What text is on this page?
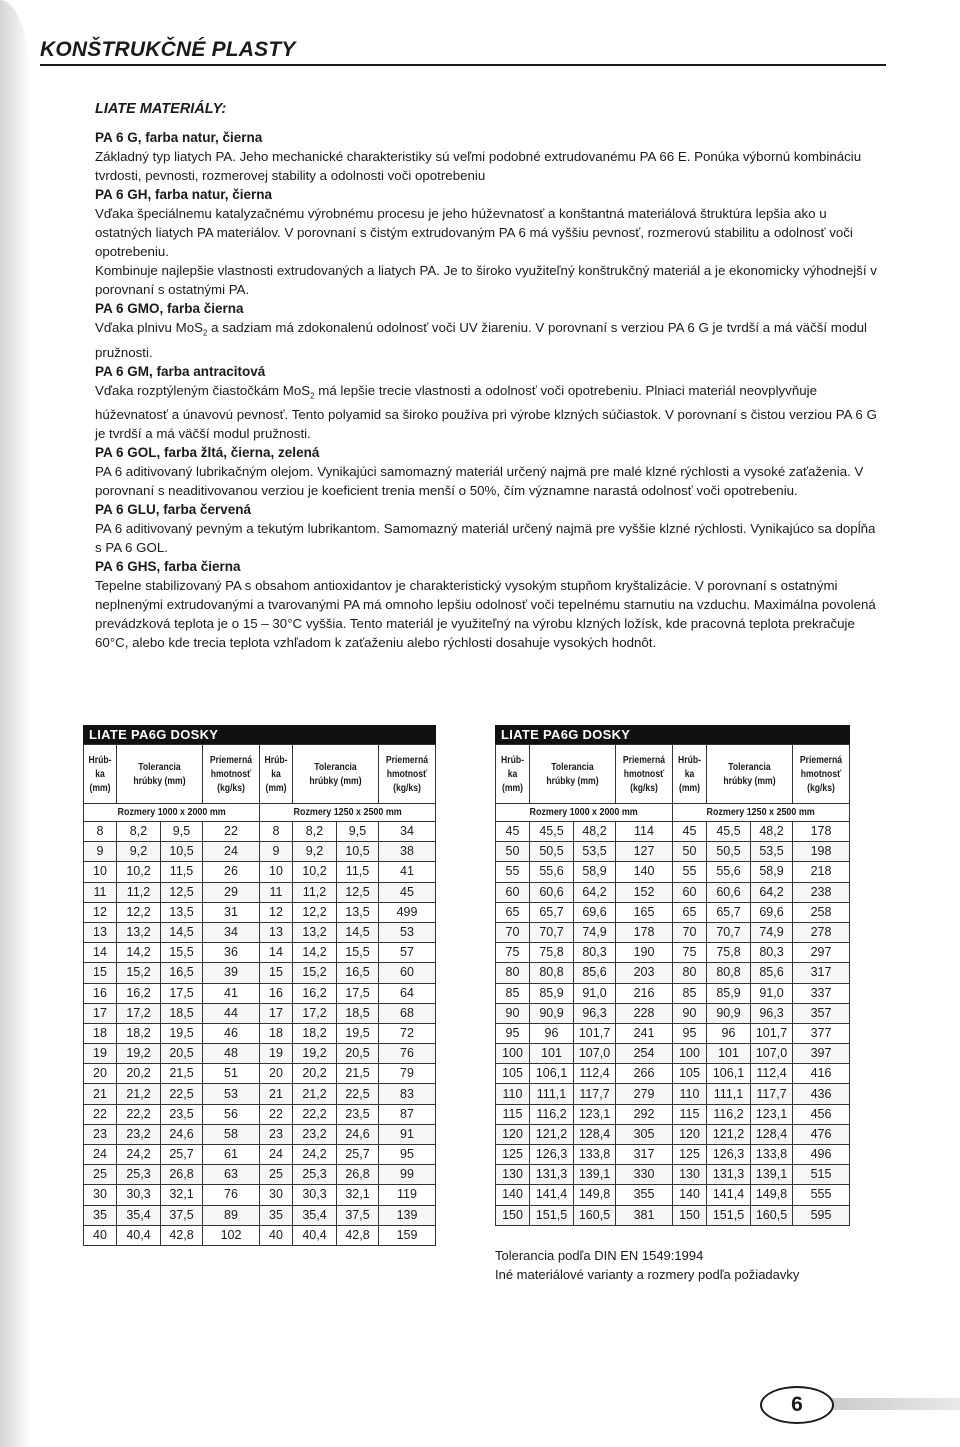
KONŠTRUKČNÉ PLASTY
LIATE MATERIÁLY:
PA 6 G, farba natur, čierna

Základný typ liatych PA. Jeho mechanické charakteristiky sú veľmi podobné extrudovanému PA 66 E. Ponúka výbornú kombináciu tvrdosti, pevnosti, rozmerovej stability a odolnosti voči opotrebeniu

PA 6 GH, farba natur, čierna

Vďaka špeciálnemu katalyzačnému výrobnému procesu je jeho húževnatosť a konštantná materiálová štruktúra lepšia ako u ostatných liatych PA materiálov. V porovnaní s čistým extrudovaným PA 6 má vyššiu pevnosť, rozmerovú stabilitu a odolnosť voči opotrebeniu.

Kombinuje najlepšie vlastnosti extrudovaných a liatych PA. Je to široko využiteľný konštrukčný materiál a je ekonomicky výhodnejší v porovnaní s ostatnými PA.

PA 6 GMO, farba čierna

Vďaka plnivu MoS$_2$ a sadziam má zdokonalenú odolnosť voči UV žiareniu. V porovnaní s verziou PA 6 G je tvrdší a má väčší modul pružnosti.

PA 6 GM, farba antracitová

Vďaka rozptýleným čiastočkám MoS$_2$ má lepšie trecie vlastnosti a odolnosť voči opotrebeniu. Plniaci materiál neovplyvňuje húževnatosť a únavovú pevnosť. Tento polyamid sa široko používa pri výrobe klzných súčiastok. V porovnaní s čistou verziou PA 6 G je tvrdší a má väčší modul pružnosti.

PA 6 GOL, farba žltá, čierna, zelená

PA 6 aditivovaný lubrikačným olejom. Vynikajúci samomazný materiál určený najmä pre malé klzné rýchlosti a vysoké zaťaženia. V porovnaní s neaditivovanou verziou je koeficient trenia menší o 50%, čím významne narastá odolnosť voči opotrebeniu.

PA 6 GLU, farba červená

PA 6 aditivovaný pevným a tekutým lubrikantom. Samomazný materiál určený najmä pre vyššie klzné rýchlosti. Vynikajúco sa dopĺňa s PA 6 GOL.

PA 6 GHS, farba čierna

Tepelne stabilizovaný PA s obsahom antioxidantov je charakteristický vysokým stupňom kryštalizácie. V porovnaní s ostatnými neplnenými extrudovanými a tvarovanými PA má omnoho lepšiu odolnosť voči tepelnému starnutiu na vzduchu. Maximálna povolená prevádzková teplota je o 15 – 30°C vyššia. Tento materiál je využiteľný na výrobu klzných ložísk, kde pracovná teplota prekračuje 60°C, alebo kde trecia teplota vzhľadom k zaťaženiu alebo rýchlosti dosahuje vysokých hodnôt.

LIATE PA6G DOSKY
Hrúb-ka (mm)	Tolerancia hrúbky (mm)		Priemerná hmotnosť (kg/ks)	Hrúb-ka (mm)	Tolerancia hrúbky (mm)		Priemerná hmotnosť (kg/ks)
Rozmery 1000 x 2000 mm				Rozmery 1250 x 2500 mm			
8	8,2	9,5	22	8	8,2	9,5	34
9	9,2	10,5	24	9	9,2	10,5	38
10	10,2	11,5	26	10	10,2	11,5	41
11	11,2	12,5	29	11	11,2	12,5	45
12	12,2	13,5	31	12	12,2	13,5	499
13	13,2	14,5	34	13	13,2	14,5	53
14	14,2	15,5	36	14	14,2	15,5	57
15	15,2	16,5	39	15	15,2	16,5	60
16	16,2	17,5	41	16	16,2	17,5	64
17	17,2	18,5	44	17	17,2	18,5	68
18	18,2	19,5	46	18	18,2	19,5	72
19	19,2	20,5	48	19	19,2	20,5	76
20	20,2	21,5	51	20	20,2	21,5	79
21	21,2	22,5	53	21	21,2	22,5	83
22	22,2	23,5	56	22	22,2	23,5	87
23	23,2	24,6	58	23	23,2	24,6	91
24	24,2	25,7	61	24	24,2	25,7	95
25	25,3	26,8	63	25	25,3	26,8	99
30	30,3	32,1	76	30	30,3	32,1	119
35	35,4	37,5	89	35	35,4	37,5	139
40	40,4	42,8	102	40	40,4	42,8	159
LIATE PA6G DOSKY
Hrúb-ka (mm)	Tolerancia hrúbky (mm)		Priemerná hmotnosť (kg/ks)	Hrúb-ka (mm)	Tolerancia hrúbky (mm)		Priemerná hmotnosť (kg/ks)
Rozmery 1000 x 2000 mm				Rozmery 1250 x 2500 mm			
45	45,5	48,2	114	45	45,5	48,2	178
50	50,5	53,5	127	50	50,5	53,5	198
55	55,6	58,9	140	55	55,6	58,9	218
60	60,6	64,2	152	60	60,6	64,2	238
65	65,7	69,6	165	65	65,7	69,6	258
70	70,7	74,9	178	70	70,7	74,9	278
75	75,8	80,3	190	75	75,8	80,3	297
80	80,8	85,6	203	80	80,8	85,6	317
85	85,9	91,0	216	85	85,9	91,0	337
90	90,9	96,3	228	90	90,9	96,3	357
95	96	101,7	241	95	96	101,7	377
100	101	107,0	254	100	101	107,0	397
105	106,1	112,4	266	105	106,1	112,4	416
110	111,1	117,7	279	110	111,1	117,7	436
115	116,2	123,1	292	115	116,2	123,1	456
120	121,2	128,4	305	120	121,2	128,4	476
125	126,3	133,8	317	125	126,3	133,8	496
130	131,3	139,1	330	130	131,3	139,1	515
140	141,4	149,8	355	140	141,4	149,8	555
150	151,5	160,5	381	150	151,5	160,5	595
Tolerancia podľa DIN EN 1549:1994
Iné materiálové varianty a rozmery podľa požiadavky
6
